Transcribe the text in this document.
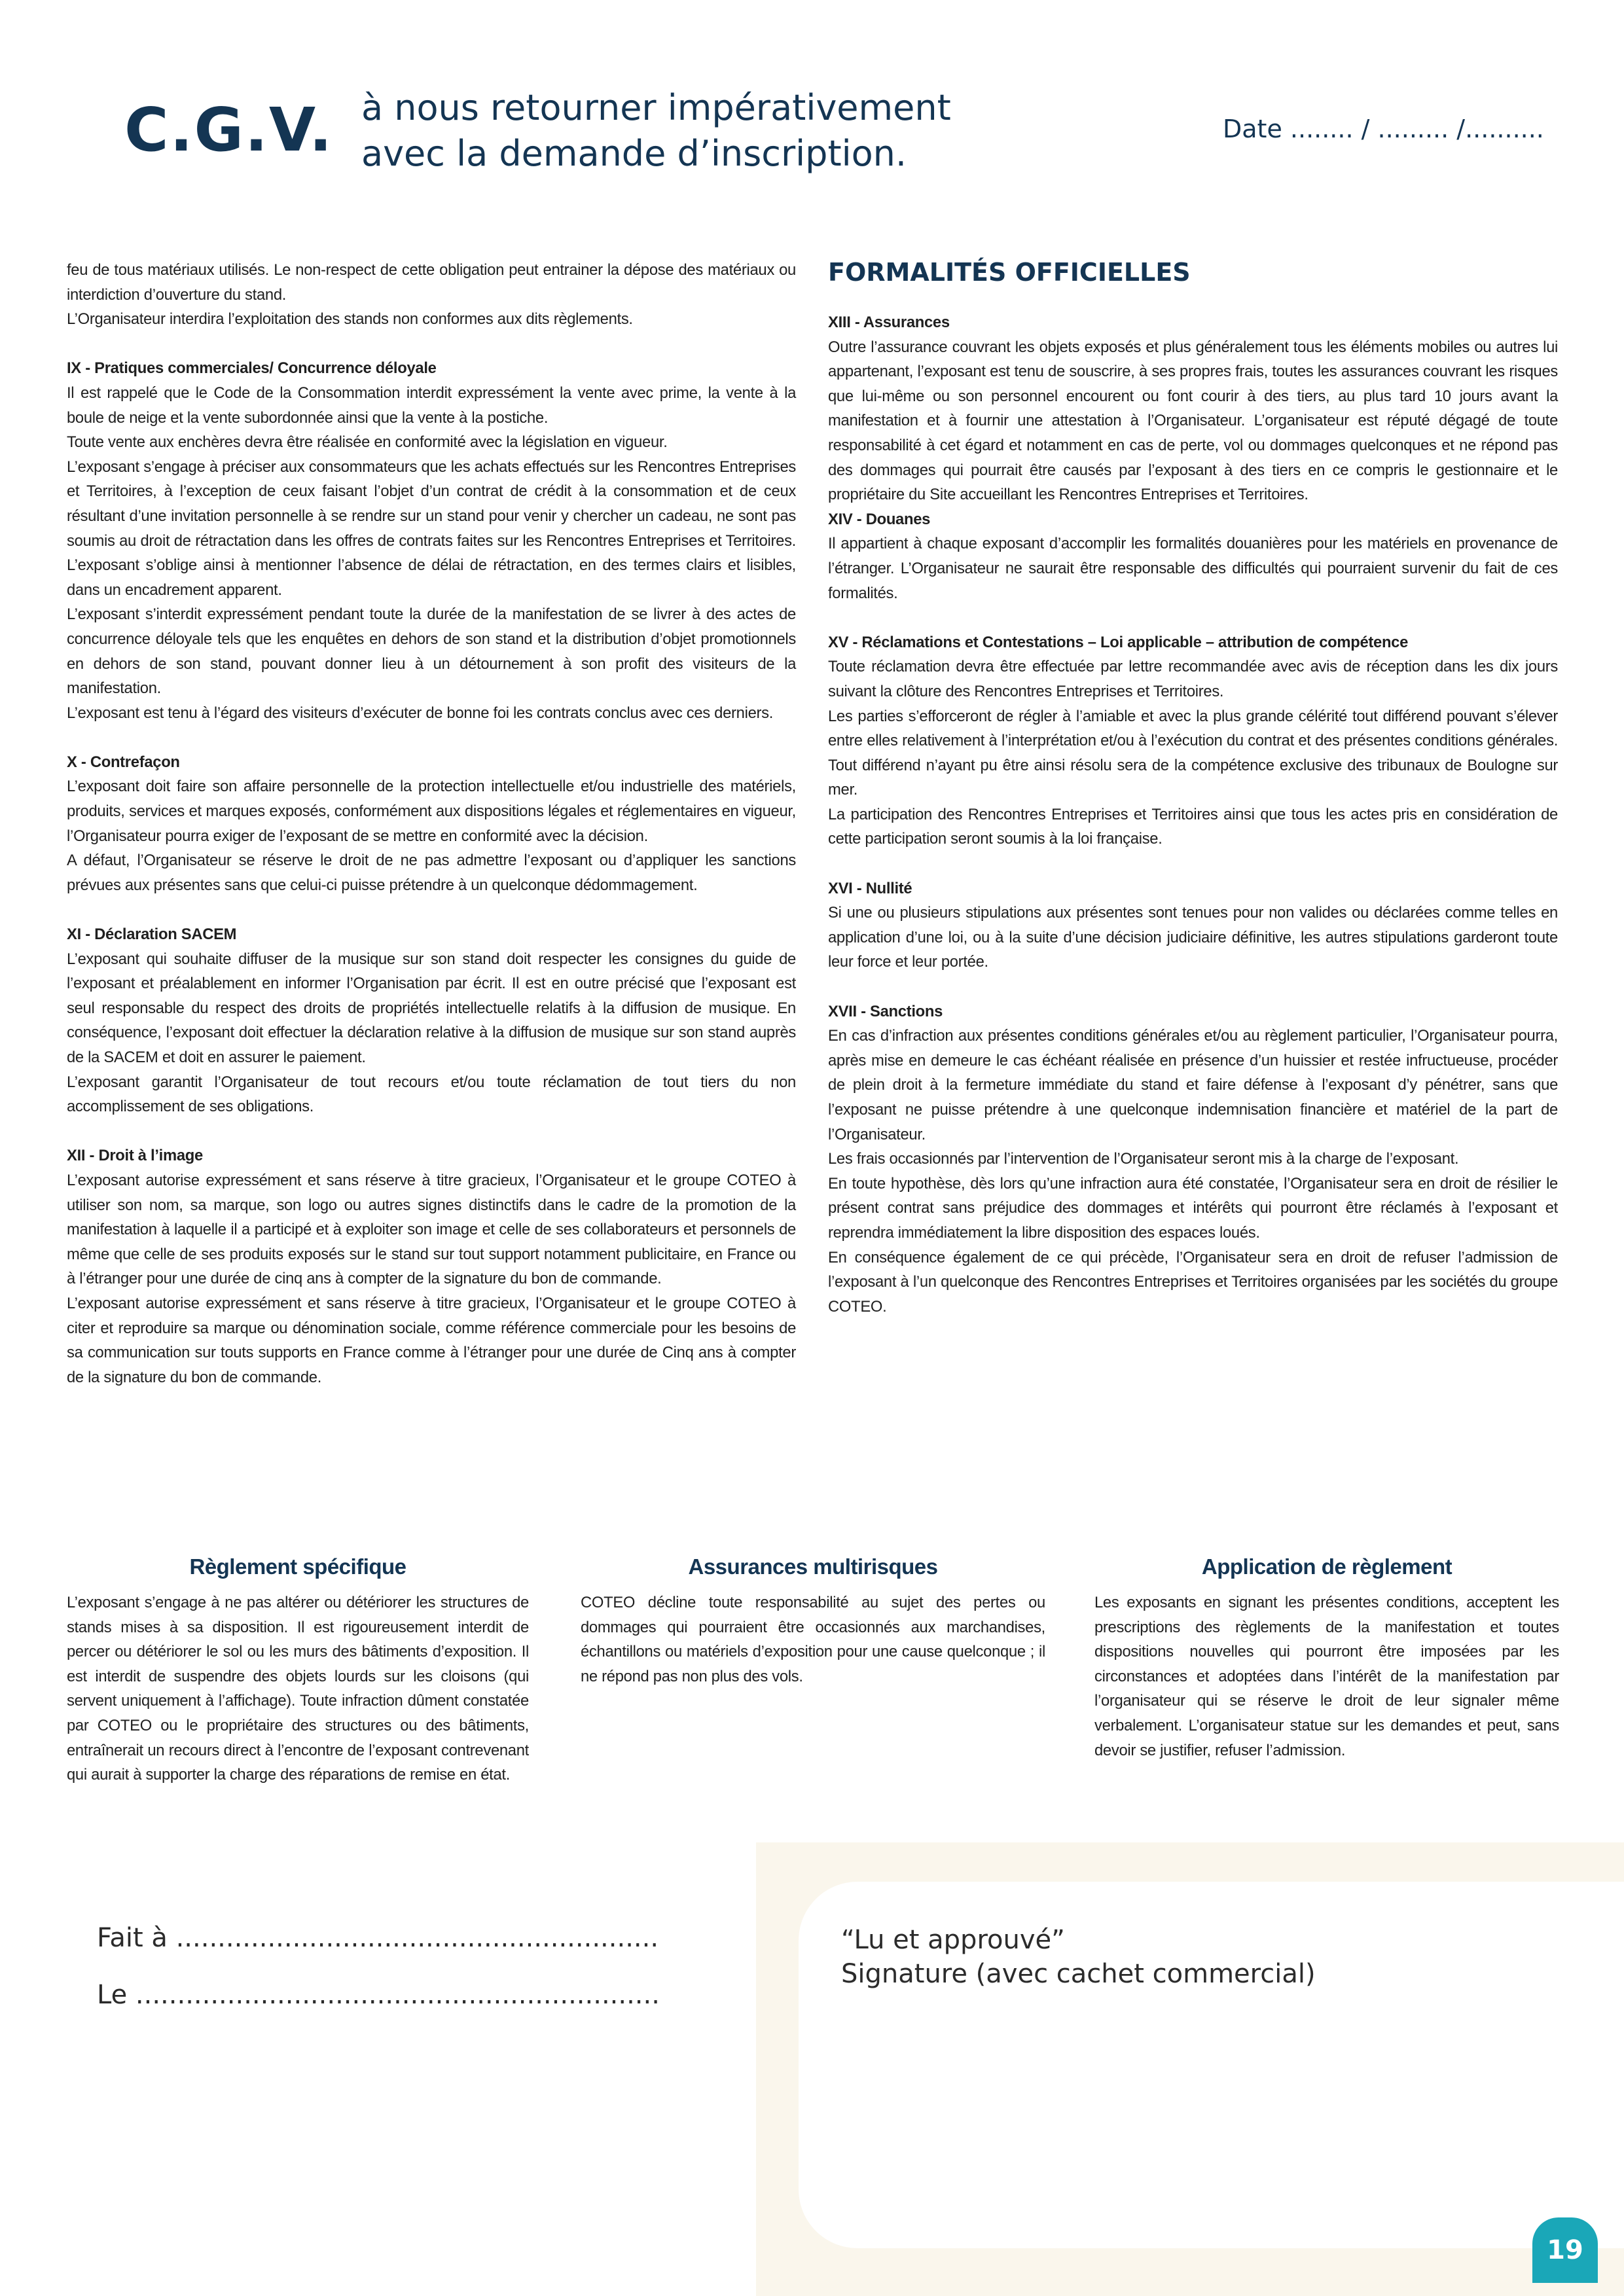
C.G.V. à nous retourner impérativement
avec la demande d’inscription.
Date ........ / ......... /..........

feu de tous matériaux utilisés. Le non-respect de cette obligation peut entrainer la dépose des matériaux ou interdiction d’ouverture du stand.

L’Organisateur interdira l’exploitation des stands non conformes aux dits règlements.

IX - Pratiques commerciales/ Concurrence déloyale

Il est rappelé que le Code de la Consommation interdit expressément la vente avec prime, la vente à la boule de neige et la vente subordonnée ainsi que la vente à la postiche.

Toute vente aux enchères devra être réalisée en conformité avec la législation en vigueur.

L’exposant s’engage à préciser aux consommateurs que les achats effectués sur les Rencontres Entreprises et Territoires, à l’exception de ceux faisant l’objet d’un contrat de crédit à la consommation et de ceux résultant d’une invitation personnelle à se rendre sur un stand pour venir y chercher un cadeau, ne sont pas soumis au droit de rétractation dans les offres de contrats faites sur les Rencontres Entreprises et Territoires. L’exposant s’oblige ainsi à mentionner l’absence de délai de rétractation, en des termes clairs et lisibles, dans un encadrement apparent.

L’exposant s’interdit expressément pendant toute la durée de la manifestation de se livrer à des actes de concurrence déloyale tels que les enquêtes en dehors de son stand et la distribution d’objet promotionnels en dehors de son stand, pouvant donner lieu à un détournement à son profit des visiteurs de la manifestation.

L’exposant est tenu à l’égard des visiteurs d’exécuter de bonne foi les contrats conclus avec ces derniers.

X - Contrefaçon

L’exposant doit faire son affaire personnelle de la protection intellectuelle et/ou industrielle des matériels, produits, services et marques exposés, conformément aux dispositions légales et réglementaires en vigueur, l’Organisateur pourra exiger de l’exposant de se mettre en conformité avec la décision.

A défaut, l’Organisateur se réserve le droit de ne pas admettre l’exposant ou d’appliquer les sanctions prévues aux présentes sans que celui-ci puisse prétendre à un quelconque dédommagement.

XI - Déclaration SACEM

L’exposant qui souhaite diffuser de la musique sur son stand doit respecter les consignes du guide de l’exposant et préalablement en informer l’Organisation par écrit. Il est en outre précisé que l’exposant est seul responsable du respect des droits de propriétés intellectuelle relatifs à la diffusion de musique. En conséquence, l’exposant doit effectuer la déclaration relative à la diffusion de musique sur son stand auprès de la SACEM et doit en assurer le paiement.

L’exposant garantit l’Organisateur de tout recours et/ou toute réclamation de tout tiers du non accomplissement de ses obligations.

XII - Droit à l’image

L’exposant autorise expressément et sans réserve à titre gracieux, l’Organisateur et le groupe COTEO à utiliser son nom, sa marque, son logo ou autres signes distinctifs dans le cadre de la promotion de la manifestation à laquelle il a participé et à exploiter son image et celle de ses collaborateurs et personnels de même que celle de ses produits exposés sur le stand sur tout support notamment publicitaire, en France ou à l’étranger pour une durée de cinq ans à compter de la signature du bon de commande.

L’exposant autorise expressément et sans réserve à titre gracieux, l’Organisateur et le groupe COTEO à citer et reproduire sa marque ou dénomination sociale, comme référence commerciale pour les besoins de sa communication sur touts supports en France comme à l’étranger pour une durée de Cinq ans à compter de la signature du bon de commande.

FORMALITÉS OFFICIELLES

XIII - Assurances

Outre l’assurance couvrant les objets exposés et plus généralement tous les éléments mobiles ou autres lui appartenant, l’exposant est tenu de souscrire, à ses propres frais, toutes les assurances couvrant les risques que lui-même ou son personnel encourent ou font courir à des tiers, au plus tard 10 jours avant la manifestation et à fournir une attestation à l’Organisateur. L’organisateur est réputé dégagé de toute responsabilité à cet égard et notamment en cas de perte, vol ou dommages quelconques et ne répond pas des dommages qui pourrait être causés par l’exposant à des tiers en ce compris le gestionnaire et le propriétaire du Site accueillant les Rencontres Entreprises et Territoires.

XIV - Douanes

Il appartient à chaque exposant d’accomplir les formalités douanières pour les matériels en provenance de l’étranger. L’Organisateur ne saurait être responsable des difficultés qui pourraient survenir du fait de ces formalités.

XV - Réclamations et Contestations – Loi applicable – attribution de compétence

Toute réclamation devra être effectuée par lettre recommandée avec avis de réception dans les dix jours suivant la clôture des Rencontres Entreprises et Territoires.

Les parties s’efforceront de régler à l’amiable et avec la plus grande célérité tout différend pouvant s’élever entre elles relativement à l’interprétation et/ou à l’exécution du contrat et des présentes conditions générales. Tout différend n’ayant pu être ainsi résolu sera de la compétence exclusive des tribunaux de Boulogne sur mer.

La participation des Rencontres Entreprises et Territoires ainsi que tous les actes pris en considération de cette participation seront soumis à la loi française.

XVI - Nullité

Si une ou plusieurs stipulations aux présentes sont tenues pour non valides ou déclarées comme telles en application d’une loi, ou à la suite d’une décision judiciaire définitive, les autres stipulations garderont toute leur force et leur portée.

XVII - Sanctions

En cas d’infraction aux présentes conditions générales et/ou au règlement particulier, l’Organisateur pourra, après mise en demeure le cas échéant réalisée en présence d’un huissier et restée infructueuse, procéder de plein droit à la fermeture immédiate du stand et faire défense à l’exposant d’y pénétrer, sans que l’exposant ne puisse prétendre à une quelconque indemnisation financière et matériel de la part de l’Organisateur.

Les frais occasionnés par l’intervention de l’Organisateur seront mis à la charge de l’exposant.

En toute hypothèse, dès lors qu’une infraction aura été constatée, l’Organisateur sera en droit de résilier le présent contrat sans préjudice des dommages et intérêts qui pourront être réclamés à l’exposant et reprendra immédiatement la libre disposition des espaces loués.

En conséquence également de ce qui précède, l’Organisateur sera en droit de refuser l’admission de l’exposant à l’un quelconque des Rencontres Entreprises et Territoires organisées par les sociétés du groupe COTEO.

Règlement spécifique

L’exposant s’engage à ne pas altérer ou détériorer les structures de stands mises à sa disposition. Il est rigoureusement interdit de percer ou détériorer le sol ou les murs des bâtiments d’exposition. Il est interdit de suspendre des objets lourds sur les cloisons (qui servent uniquement à l’affichage). Toute infraction dûment constatée par COTEO ou le propriétaire des structures ou des bâtiments, entraînerait un recours direct à l’encontre de l’exposant contrevenant qui aurait à supporter la charge des réparations de remise en état.

Assurances multirisques

COTEO décline toute responsabilité au sujet des pertes ou dommages qui pourraient être occasionnés aux marchandises, échantillons ou matériels d’exposition pour une cause quelconque ; il ne répond pas non plus des vols.

Application de règlement

Les exposants en signant les présentes conditions, acceptent les prescriptions des règlements de la manifestation et toutes dispositions nouvelles qui pourront être imposées par les circonstances et adoptées dans l’intérêt de la manifestation par l’organisateur qui se réserve le droit de leur signaler même verbalement. L’organisateur statue sur les demandes et peut, sans devoir se justifier, refuser l’admission.

Fait à ..........................................................
Le ...............................................................
“Lu et approuvé”
Signature (avec cachet commercial)
19
